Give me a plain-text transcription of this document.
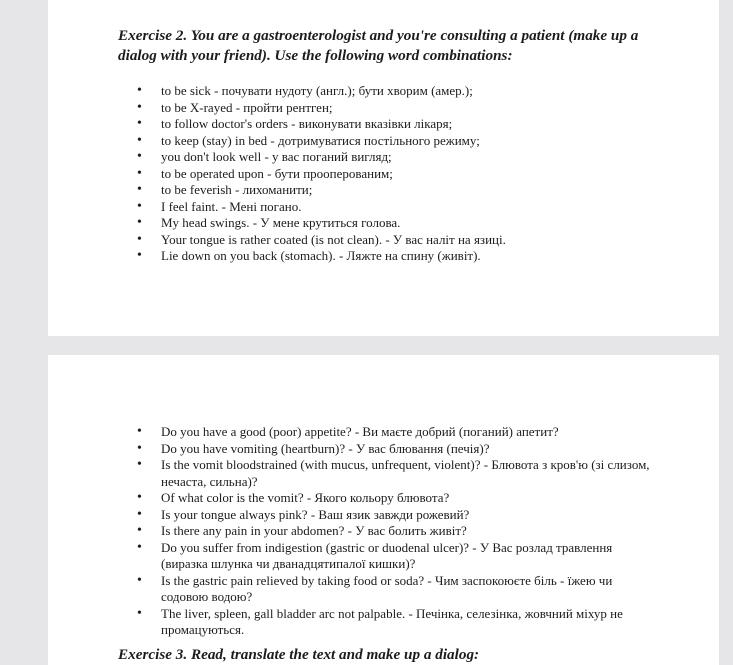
Exercise 2. You are a gastroenterologist and you're consulting a patient (make up a dialog with your friend). Use the following word combinations:

• to be sick - почувати нудоту (англ.); бути хворим (амер.);
• to be X-rayed - пройти рентген;
• to follow doctor's orders - виконувати вказівки лікаря;
• to keep (stay) in bed - дотримуватися постільного режиму;
• you don't look well - у вас поганий вигляд;
• to be operated upon - бути прооперованим;
• to be feverish - лихоманити;
• I feel faint. - Мені погано.
• My head swings. - У мене крутиться голова.
• Your tongue is rather coated (is not clean). - У вас наліт на язиці.
• Lie down on you back (stomach). - Ляжте на спину (живіт).
• Do you have a good (poor) appetite? - Ви маєте добрий (поганий) апетит?
• Do you have vomiting (heartburn)? - У вас блювання (печія)?
• Is the vomit bloodstrained (with mucus, unfrequent, violent)? - Блювота з кров'ю (зі слизом, нечаста, сильна)?
• Of what color is the vomit? - Якого кольору блювота?
• Is your tongue always pink? - Ваш язик завжди рожевий?
• Is there any pain in your abdomen? - У вас болить живіт?
• Do you suffer from indigestion (gastric or duodenal ulcer)? - У Вас розлад травлення (виразка шлунка чи дванадцятипалої кишки)?
• Is the gastric pain relieved by taking food or soda? - Чим заспокоюєте біль - їжею чи содовою водою?
• The liver, spleen, gall bladder arc not palpable. - Печінка, селезінка, жовчний міхур не промацуються.

Exercise 3. Read, translate the text and make up a dialog:
